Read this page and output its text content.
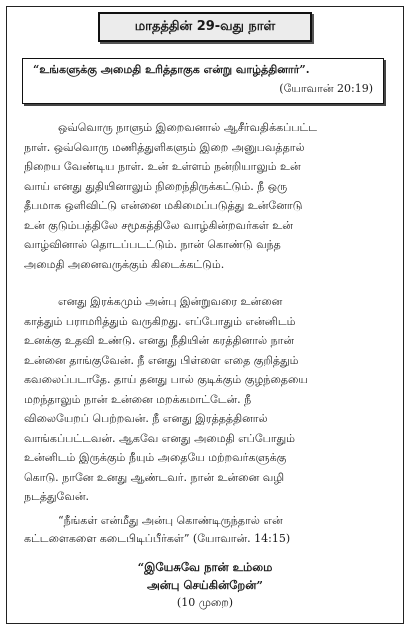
மாதத்தின் 29-வது நாள்
“உங்களுக்கு அமைதி உரித்தாகுக என்று வாழ்த்தினார்”.
(யோவான் 20:19)
ஒவ்வொரு நாளும் இறைவனால் ஆசீர்வதிக்கப்பட்ட
நாள். ஒவ்வொரு மணித்துளிகளும் இறை அனுபவத்தால்
நிறைய வேண்டிய நாள். உன் உள்ளம் நன்றியாலும் உன்
வாய் எனது துதியினாலும் நிறைந்திருக்கட்டும். நீ ஒரு
தீபமாக ஒளிவிட்டு என்னை மகிமைப்படுத்து உன்னோடு
உன் குடும்பத்திலே சமூகத்திலே வாழ்கின்றவர்கள் உன்
வாழ்வினால் தொடப்படட்டும். நான் கொண்டு வந்த
அமைதி அனைவருக்கும் கிடைக்கட்டும்.
எனது இரக்கமும் அன்பு இன்றுவரை உன்னை
காத்தும் பராமரித்தும் வருகிறது. எப்போதும் என்னிடம்
உனக்கு உதவி உண்டு. எனது நீதியின் கரத்தினால் நான்
உன்னை தாங்குவேன். நீ எனது பிள்ளை எதை குறித்தும்
கவலைப்படாதே. தாய் தனது பால் குடிக்கும் குழந்தையை
மறந்தாலும் நான் உன்னை மறக்கமாட்டேன். நீ
விலையேறப் பெற்றவன். நீ எனது இரத்தத்தினால்
வாங்கப்பட்டவன். ஆகவே எனது அமைதி எப்போதும்
உன்னிடம் இருக்கும் நீயும் அதையே மற்றவர்களுக்கு
கொடு. நானே உனது ஆண்டவர். நான் உன்னை வழி
நடத்துவேன்.
“நீங்கள் என்மீது அன்பு கொண்டிருந்தால் என்
கட்டளைகளை கடைபிடிப்பீர்கள்” (யோவான். 14:15)
“இயேசுவே நான் உம்மை
அன்பு செய்கின்றேன்”
(10 முறை)
